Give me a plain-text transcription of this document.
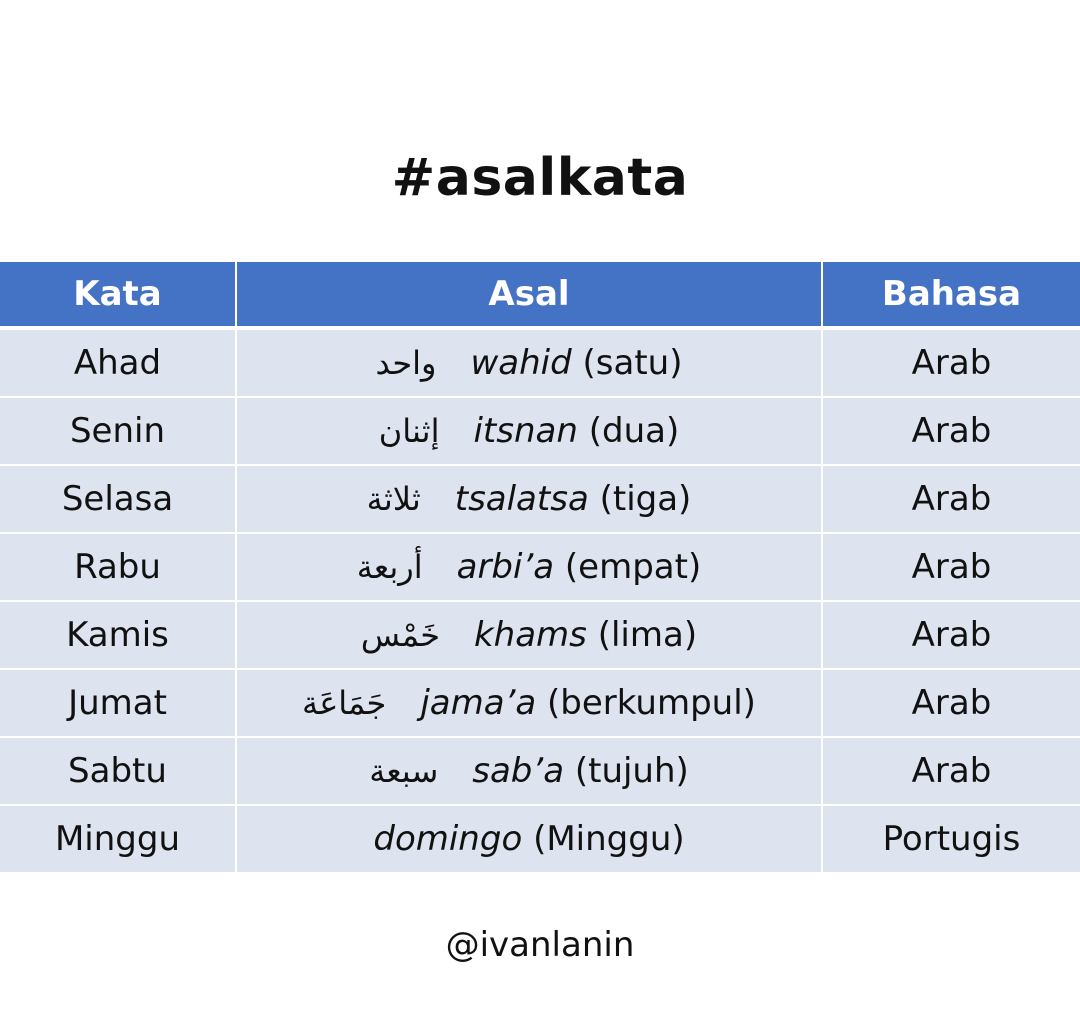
#asalkata
Kata	Asal	Bahasa
Ahad	واحد wahid (satu)	Arab
Senin	إثنان itsnan (dua)	Arab
Selasa	ثلاثة tsalatsa (tiga)	Arab
Rabu	أربعة arbi’a (empat)	Arab
Kamis	خَمْس khams (lima)	Arab
Jumat	جَمَاعَة jama’a (berkumpul)	Arab
Sabtu	سبعة sab’a (tujuh)	Arab
Minggu	domingo (Minggu)	Portugis
@ivanlanin
